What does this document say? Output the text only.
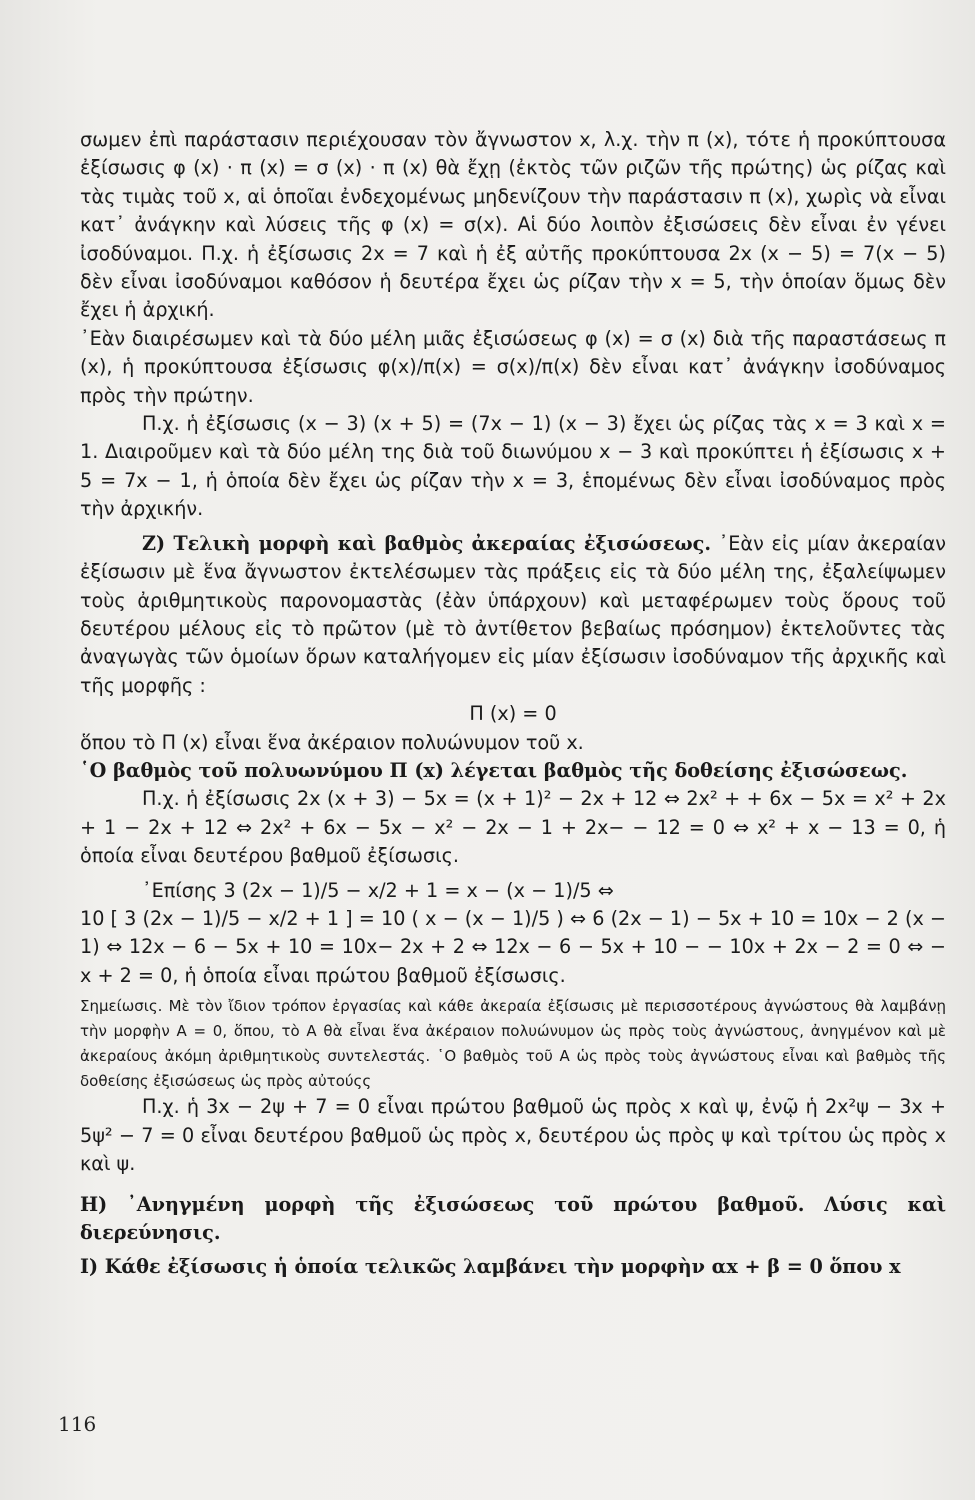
σωμεν ἐπὶ παράστασιν περιέχουσαν τὸν ἄγνωστον x, λ.χ. τὴν π (x), τότε ἡ προκύπτουσα ἐξίσωσις φ (x) · π (x) = σ (x) · π (x) θὰ ἔχῃ (ἐκτὸς τῶν ριζῶν τῆς πρώτης) ὡς ρίζας καὶ τὰς τιμὰς τοῦ x, αἱ ὁποῖαι ἐνδεχομένως μηδενίζουν τὴν παράστασιν π (x), χωρὶς νὰ εἶναι κατ᾽ ἀνάγκην καὶ λύσεις τῆς φ (x) = σ(x). Αἱ δύο λοιπὸν ἐξισώσεις δὲν εἶναι ἐν γένει ἰσοδύναμοι. Π.χ. ἡ ἐξίσωσις 2x = 7 καὶ ἡ ἐξ αὐτῆς προκύπτουσα 2x (x − 5) = 7(x − 5) δὲν εἶναι ἰσοδύναμοι καθόσον ἡ δευτέρα ἔχει ὡς ρίζαν τὴν x = 5, τὴν ὁποίαν ὅμως δὲν ἔχει ἡ ἀρχική.

᾽Εὰν διαιρέσωμεν καὶ τὰ δύο μέλη μιᾶς ἐξισώσεως φ (x) = σ (x) διὰ τῆς παραστάσεως π (x), ἡ προκύπτουσα ἐξίσωσις φ(x)/π(x) = σ(x)/π(x) δὲν εἶναι κατ᾽ ἀνάγκην ἰσοδύναμος πρὸς τὴν πρώτην.

Π.χ. ἡ ἐξίσωσις (x − 3) (x + 5) = (7x − 1) (x − 3) ἔχει ὡς ρίζας τὰς x = 3 καὶ x = 1. Διαιροῦμεν καὶ τὰ δύο μέλη της διὰ τοῦ διωνύμου x − 3 καὶ προκύπτει ἡ ἐξίσωσις x + 5 = 7x − 1, ἡ ὁποία δὲν ἔχει ὡς ρίζαν τὴν x = 3, ἑπομένως δὲν εἶναι ἰσοδύναμος πρὸς τὴν ἀρχικήν.

Ζ) Τελικὴ μορφὴ καὶ βαθμὸς ἀκεραίας ἐξισώσεως. ᾽Εὰν εἰς μίαν ἀκεραίαν ἐξίσωσιν μὲ ἕνα ἄγνωστον ἐκτελέσωμεν τὰς πράξεις εἰς τὰ δύο μέλη της, ἐξαλείψωμεν τοὺς ἀριθμητικοὺς παρονομαστὰς (ἐὰν ὑπάρχουν) καὶ μεταφέρωμεν τοὺς ὅρους τοῦ δευτέρου μέλους εἰς τὸ πρῶτον (μὲ τὸ ἀντίθετον βεβαίως πρόσημον) ἐκτελοῦντες τὰς ἀναγωγὰς τῶν ὁμοίων ὅρων καταλήγομεν εἰς μίαν ἐξίσωσιν ἰσοδύναμον τῆς ἀρχικῆς καὶ τῆς μορφῆς :

Π (x) = 0

ὅπου τὸ Π (x) εἶναι ἕνα ἀκέραιον πολυώνυμον τοῦ x.

῾Ο βαθμὸς τοῦ πολυωνύμου Π (x) λέγεται βαθμὸς τῆς δοθείσης ἐξισώσεως.

Π.χ. ἡ ἐξίσωσις 2x (x + 3) − 5x = (x + 1)² − 2x + 12 ⇔ 2x² + + 6x − 5x = x² + 2x + 1 − 2x + 12 ⇔ 2x² + 6x − 5x − x² − 2x − 1 + 2x− − 12 = 0 ⇔ x² + x − 13 = 0, ἡ ὁποία εἶναι δευτέρου βαθμοῦ ἐξίσωσις.

᾽Επίσης 3 (2x − 1)/5 − x/2 + 1 = x − (x − 1)/5 ⇔

10 [ 3 (2x − 1)/5 − x/2 + 1 ] = 10 ( x − (x − 1)/5 ) ⇔ 6 (2x − 1) − 5x + 10 = 10x − 2 (x − 1) ⇔ 12x − 6 − 5x + 10 = 10x− 2x + 2 ⇔ 12x − 6 − 5x + 10 − − 10x + 2x − 2 = 0 ⇔ − x + 2 = 0, ἡ ὁποία εἶναι πρώτου βαθμοῦ ἐξίσωσις.

Σημείωσις. Μὲ τὸν ἴδιον τρόπον ἐργασίας καὶ κάθε ἀκεραία ἐξίσωσις μὲ περισσοτέρους ἀγνώστους θὰ λαμβάνῃ τὴν μορφὴν Α = 0, ὅπου, τὸ Α θὰ εἶναι ἕνα ἀκέραιον πολυώνυμον ὡς πρὸς τοὺς ἀγνώστους, ἀνηγμένον καὶ μὲ ἀκεραίους ἀκόμη ἀριθμητικοὺς συντελεστάς. ῾Ο βαθμὸς τοῦ Α ὡς πρὸς τοὺς ἀγνώστους εἶναι καὶ βαθμὸς τῆς δοθείσης ἐξισώσεως ὡς πρὸς αὐτούςς

Π.χ. ἡ 3x − 2ψ + 7 = 0 εἶναι πρώτου βαθμοῦ ὡς πρὸς x καὶ ψ, ἐνῷ ἡ 2x²ψ − 3x + 5ψ² − 7 = 0 εἶναι δευτέρου βαθμοῦ ὡς πρὸς x, δευτέρου ὡς πρὸς ψ καὶ τρίτου ὡς πρὸς x καὶ ψ.

Η) ᾽Ανηγμένη μορφὴ τῆς ἐξισώσεως τοῦ πρώτου βαθμοῦ. Λύσις καὶ διερεύνησις.

Ι) Κάθε ἐξίσωσις ἡ ὁποία τελικῶς λαμβάνει τὴν μορφὴν αx + β = 0 ὅπου x

116
